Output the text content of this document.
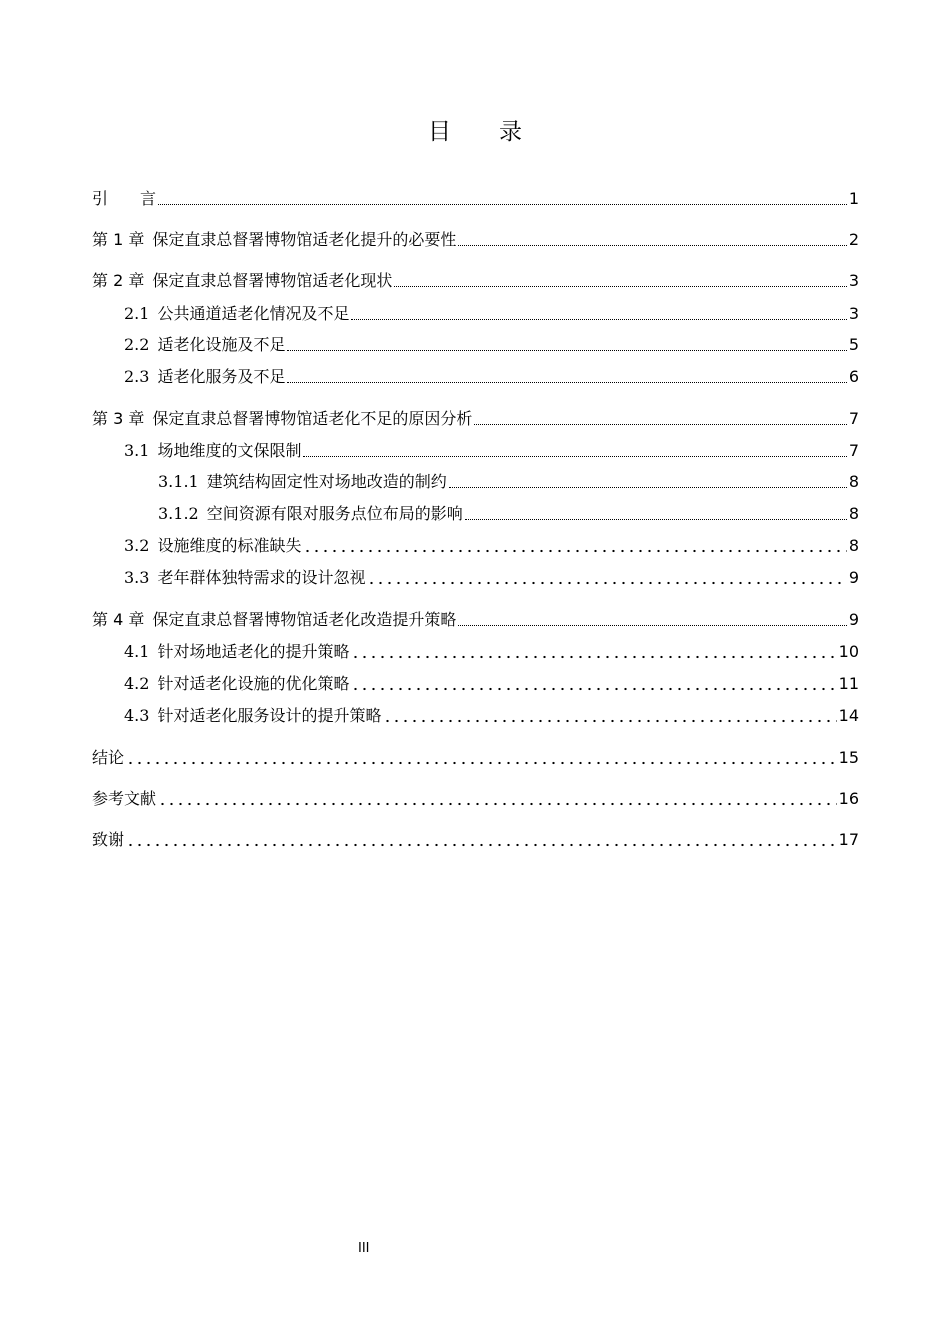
目录
引　　言	1
第 1 章 保定直隶总督署博物馆适老化提升的必要性	2
第 2 章 保定直隶总督署博物馆适老化现状	3
2.1 公共通道适老化情况及不足	3
2.2 适老化设施及不足	5
2.3 适老化服务及不足	6
第 3 章 保定直隶总督署博物馆适老化不足的原因分析	7
3.1 场地维度的文保限制	7
3.1.1 建筑结构固定性对场地改造的制约	8
3.1.2 空间资源有限对服务点位布局的影响	8
3.2 设施维度的标准缺失	8
3.3 老年群体独特需求的设计忽视	9
第 4 章 保定直隶总督署博物馆适老化改造提升策略	9
4.1 针对场地适老化的提升策略	10
4.2 针对适老化设施的优化策略	11
4.3 针对适老化服务设计的提升策略	14
结论	15
参考文献	16
致谢	17
III
